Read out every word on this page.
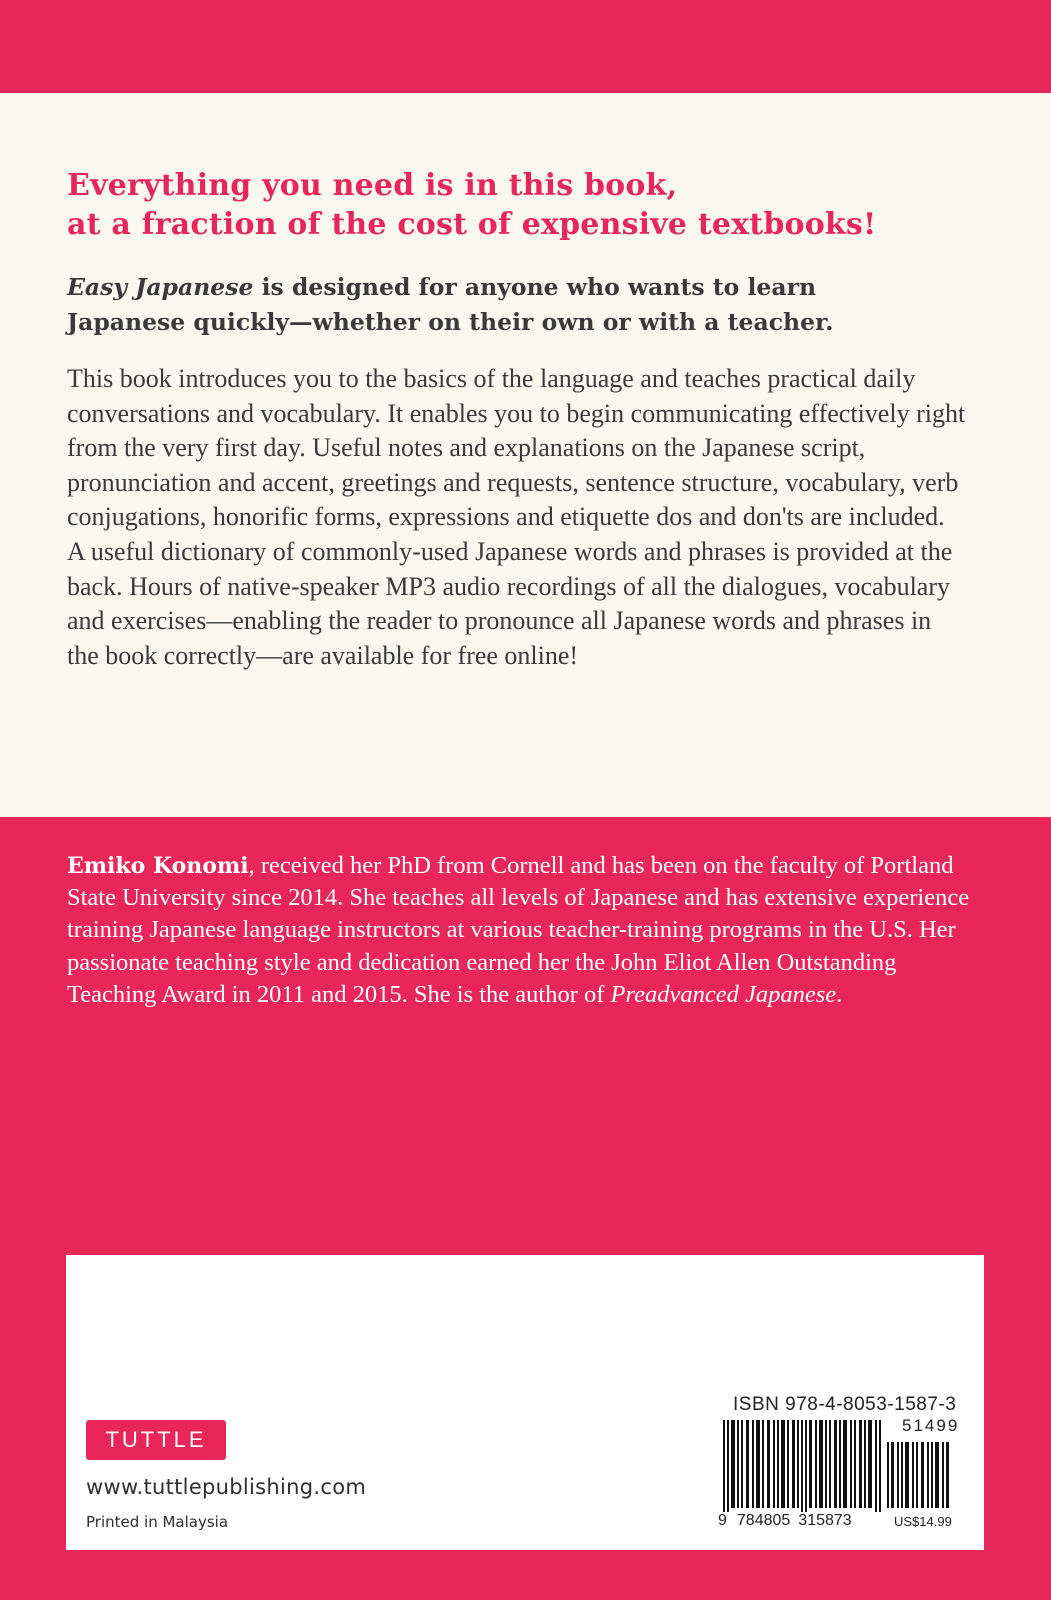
Everything you need is in this book,
at a fraction of the cost of expensive textbooks!
Easy Japanese is designed for anyone who wants to learn
Japanese quickly—whether on their own or with a teacher.
This book introduces you to the basics of the language and teaches practical daily conversations and vocabulary. It enables you to begin communicating effectively right from the very first day. Useful notes and explanations on the Japanese script, pronunciation and accent, greetings and requests, sentence structure, vocabulary, verb conjugations, honorific forms, expressions and etiquette dos and don'ts are included. A useful dictionary of commonly-used Japanese words and phrases is provided at the back. Hours of native-speaker MP3 audio recordings of all the dialogues, vocabulary and exercises—enabling the reader to pronounce all Japanese words and phrases in the book correctly—are available for free online!
Emiko Konomi, received her PhD from Cornell and has been on the faculty of Portland State University since 2014. She teaches all levels of Japanese and has extensive experience training Japanese language instructors at various teacher-training programs in the U.S. Her passionate teaching style and dedication earned her the John Eliot Allen Outstanding Teaching Award in 2011 and 2015. She is the author of Preadvanced Japanese.
TUTTLE
www.tuttlepublishing.com
Printed in Malaysia
ISBN 978-4-8053-1587-3
51499
9 784805 315873	US$14.99
